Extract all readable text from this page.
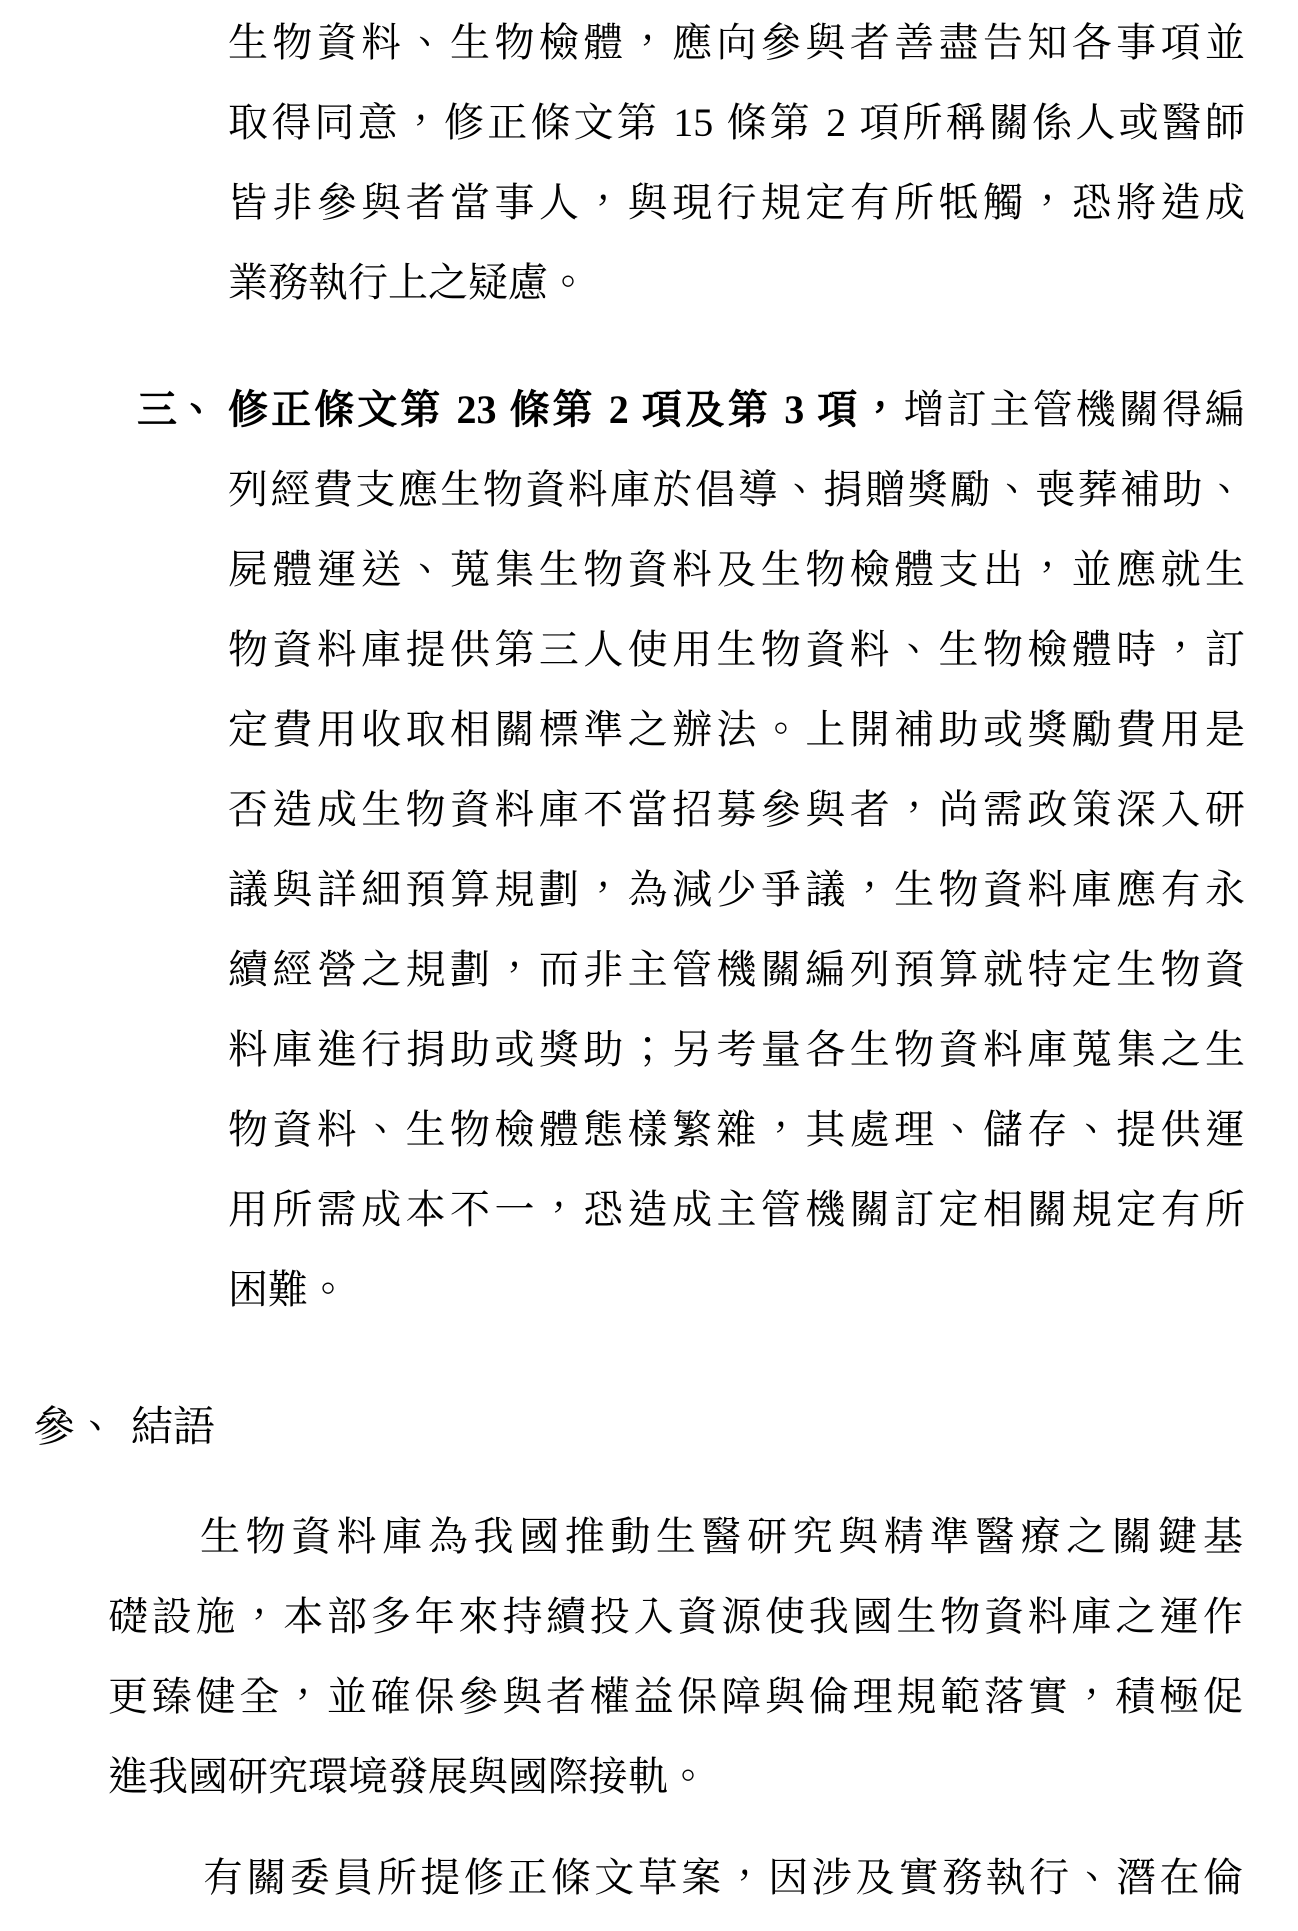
生物資料、生物檢體，應向參與者善盡告知各事項並
取得同意，修正條文第 15 條第 2 項所稱關係人或醫師
皆非參與者當事人，與現行規定有所牴觸，恐將造成
業務執行上之疑慮。
三、 修正條文第 23 條第 2 項及第 3 項，增訂主管機關得編
列經費支應生物資料庫於倡導、捐贈獎勵、喪葬補助、
屍體運送、蒐集生物資料及生物檢體支出，並應就生
物資料庫提供第三人使用生物資料、生物檢體時，訂
定費用收取相關標準之辦法。上開補助或獎勵費用是
否造成生物資料庫不當招募參與者，尚需政策深入研
議與詳細預算規劃，為減少爭議，生物資料庫應有永
續經營之規劃，而非主管機關編列預算就特定生物資
料庫進行捐助或獎助；另考量各生物資料庫蒐集之生
物資料、生物檢體態樣繁雜，其處理、儲存、提供運
用所需成本不一，恐造成主管機關訂定相關規定有所
困難。
參、 結語
生物資料庫為我國推動生醫研究與精準醫療之關鍵基
礎設施，本部多年來持續投入資源使我國生物資料庫之運作
更臻健全，並確保參與者權益保障與倫理規範落實，積極促
進我國研究環境發展與國際接軌。
有關委員所提修正條文草案，因涉及實務執行、潛在倫
